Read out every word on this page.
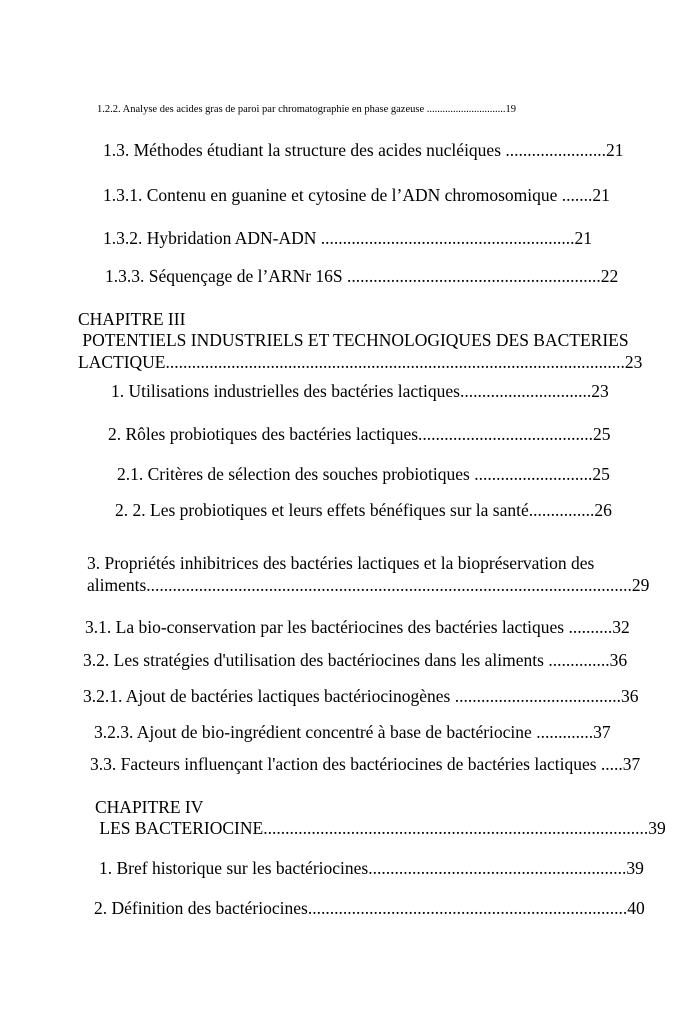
1.2.2. Analyse des acides gras de paroi par chromatographie en phase gazeuse ..............................19
1.3. Méthodes étudiant la structure des acides nucléiques .......................21
1.3.1. Contenu en guanine et cytosine de l’ADN chromosomique .......21
1.3.2. Hybridation ADN-ADN ..........................................................21
1.3.3. Séquençage de l’ARNr 16S ..........................................................22
CHAPITRE III
POTENTIELS INDUSTRIELS ET TECHNOLOGIQUES DES BACTERIES
LACTIQUE.........................................................................................................23
1. Utilisations industrielles des bactéries lactiques..............................23
2. Rôles probiotiques des bactéries lactiques........................................25
2.1. Critères de sélection des souches probiotiques ...........................25
2. 2. Les probiotiques et leurs effets bénéfiques sur la santé...............26
3. Propriétés inhibitrices des bactéries lactiques et la biopréservation des
aliments...............................................................................................................29
3.1. La bio-conservation par les bactériocines des bactéries lactiques ..........32
3.2. Les stratégies d'utilisation des bactériocines dans les aliments ..............36
3.2.1. Ajout de bactéries lactiques bactériocinogènes ......................................36
3.2.3. Ajout de bio-ingrédient concentré à base de bactériocine .............37
3.3. Facteurs influençant l'action des bactériocines de bactéries lactiques .....37
CHAPITRE IV
LES BACTERIOCINE........................................................................................39
1. Bref historique sur les bactériocines...........................................................39
2. Définition des bactériocines.........................................................................40
